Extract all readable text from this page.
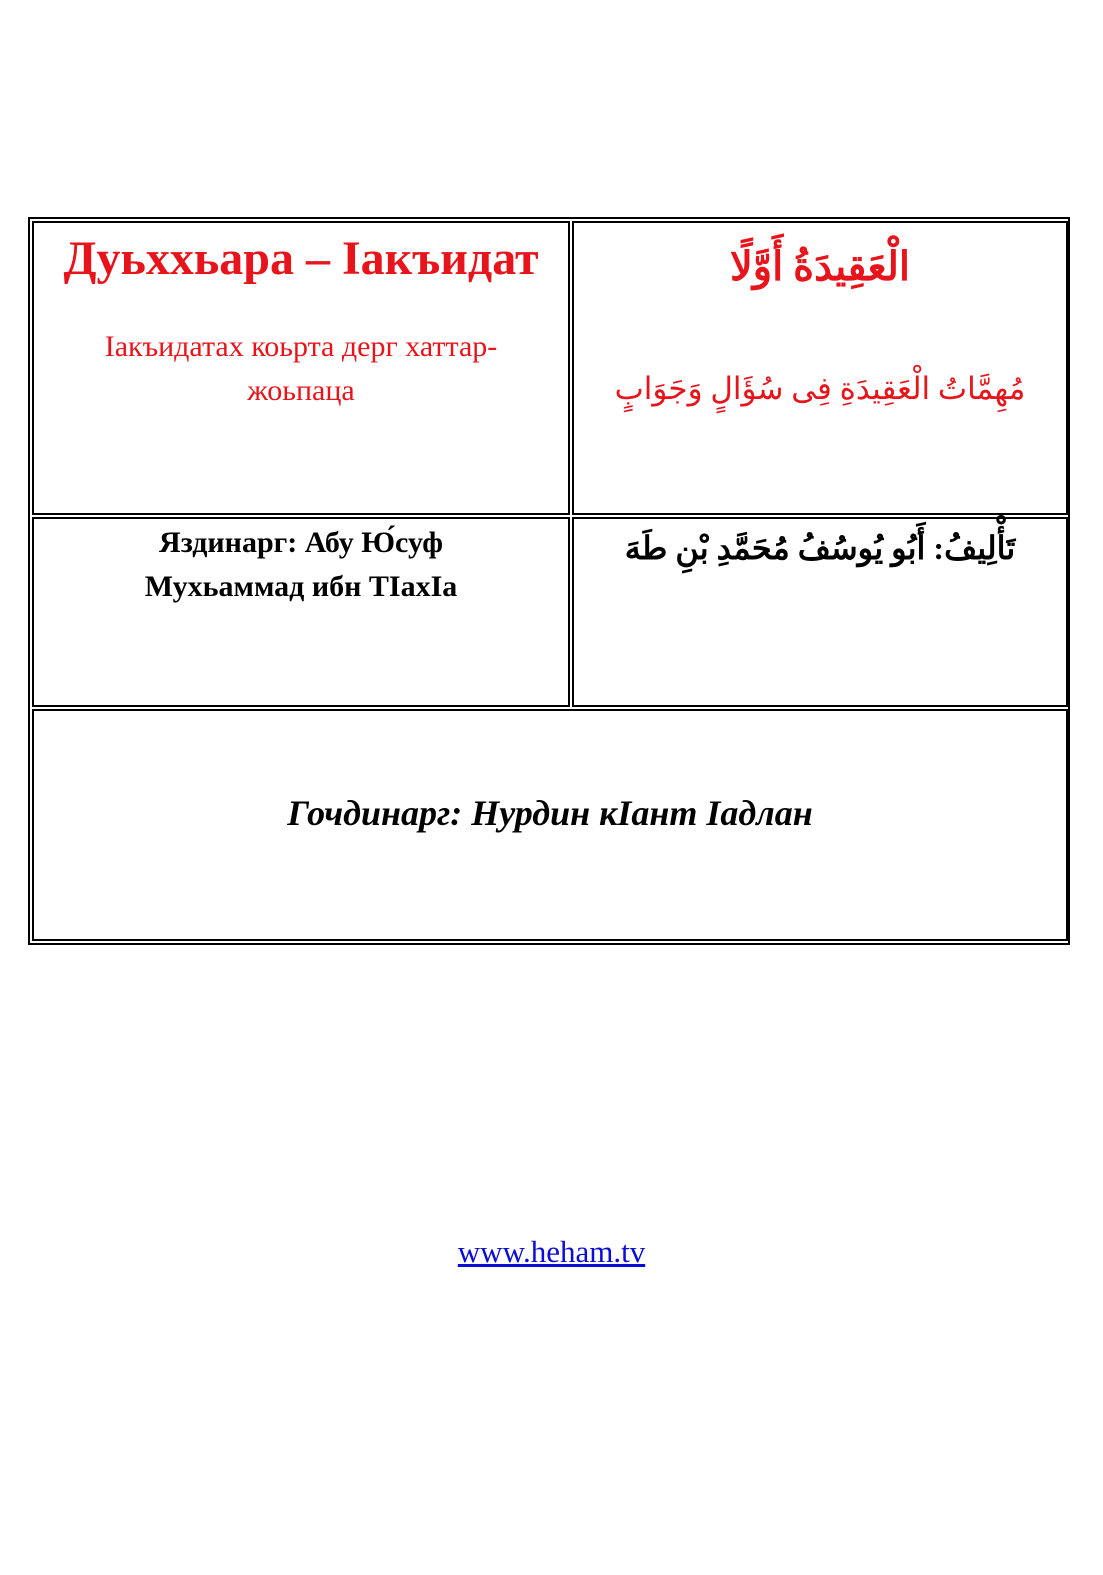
Дуьххьара – Iакъидат
Iакъидатах коьрта дерг хаттар-
жоьпаца
الْعَقِيدَةُ أَوَّلًا
مُهِمَّاتُ الْعَقِيدَةِ فِى سُؤَالٍ وَجَوَابٍ
Яздинарг: Абу Ю́суф
Мухьаммад ибн ТIахIа
تَأْلِيفُ: أَبُو يُوسُفُ مُحَمَّدِ بْنِ طَهَ
Гочдинарг: Нурдин кIант Iадлан
www.heham.tv
